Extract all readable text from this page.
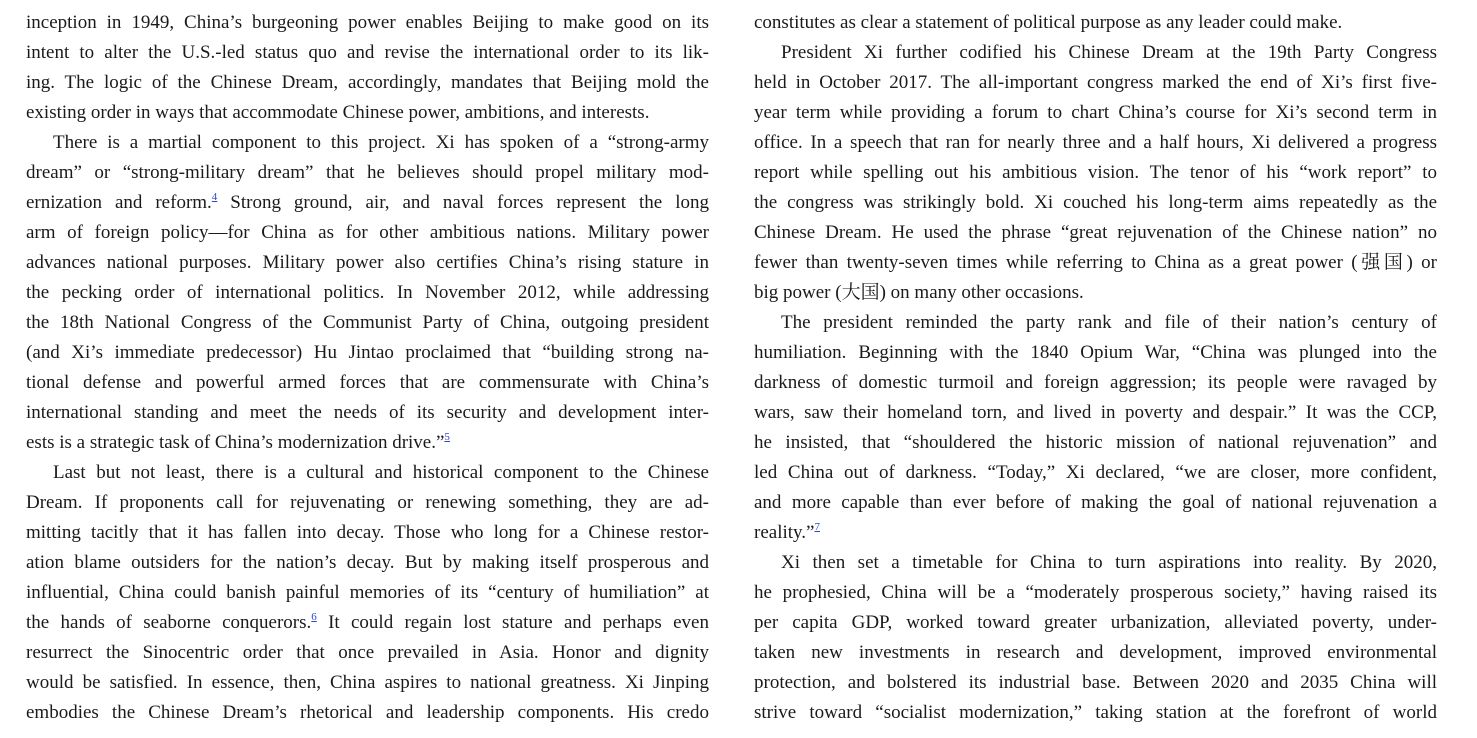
inception in 1949, China’s burgeoning power enables Beijing to make good on its
intent to alter the U.S.-led status quo and revise the international order to its lik-
ing. The logic of the Chinese Dream, accordingly, mandates that Beijing mold the
existing order in ways that accommodate Chinese power, ambitions, and interests.
There is a martial component to this project. Xi has spoken of a “strong-army
dream” or “strong-military dream” that he believes should propel military mod-
ernization and reform.$^4$ Strong ground, air, and naval forces represent the long
arm of foreign policy—for China as for other ambitious nations. Military power
advances national purposes. Military power also certifies China’s rising stature in
the pecking order of international politics. In November 2012, while addressing
the 18th National Congress of the Communist Party of China, outgoing president
(and Xi’s immediate predecessor) Hu Jintao proclaimed that “building strong na-
tional defense and powerful armed forces that are commensurate with China’s
international standing and meet the needs of its security and development inter-
ests is a strategic task of China’s modernization drive.”$^5$
Last but not least, there is a cultural and historical component to the Chinese
Dream. If proponents call for rejuvenating or renewing something, they are ad-
mitting tacitly that it has fallen into decay. Those who long for a Chinese restor-
ation blame outsiders for the nation’s decay. But by making itself prosperous and
influential, China could banish painful memories of its “century of humiliation” at
the hands of seaborne conquerors.$^6$ It could regain lost stature and perhaps even
resurrect the Sinocentric order that once prevailed in Asia. Honor and dignity
would be satisfied. In essence, then, China aspires to national greatness. Xi Jinping
embodies the Chinese Dream’s rhetorical and leadership components. His credo
constitutes as clear a statement of political purpose as any leader could make.
President Xi further codified his Chinese Dream at the 19th Party Congress
held in October 2017. The all-important congress marked the end of Xi’s first five-
year term while providing a forum to chart China’s course for Xi’s second term in
office. In a speech that ran for nearly three and a half hours, Xi delivered a progress
report while spelling out his ambitious vision. The tenor of his “work report” to
the congress was strikingly bold. Xi couched his long-term aims repeatedly as the
Chinese Dream. He used the phrase “great rejuvenation of the Chinese nation” no
fewer than twenty-seven times while referring to China as a great power (强国) or
big power (大国) on many other occasions.
The president reminded the party rank and file of their nation’s century of
humiliation. Beginning with the 1840 Opium War, “China was plunged into the
darkness of domestic turmoil and foreign aggression; its people were ravaged by
wars, saw their homeland torn, and lived in poverty and despair.” It was the CCP,
he insisted, that “shouldered the historic mission of national rejuvenation” and
led China out of darkness. “Today,” Xi declared, “we are closer, more confident,
and more capable than ever before of making the goal of national rejuvenation a
reality.”$^7$
Xi then set a timetable for China to turn aspirations into reality. By 2020,
he prophesied, China will be a “moderately prosperous society,” having raised its
per capita GDP, worked toward greater urbanization, alleviated poverty, under-
taken new investments in research and development, improved environmental
protection, and bolstered its industrial base. Between 2020 and 2035 China will
strive toward “socialist modernization,” taking station at the forefront of world
